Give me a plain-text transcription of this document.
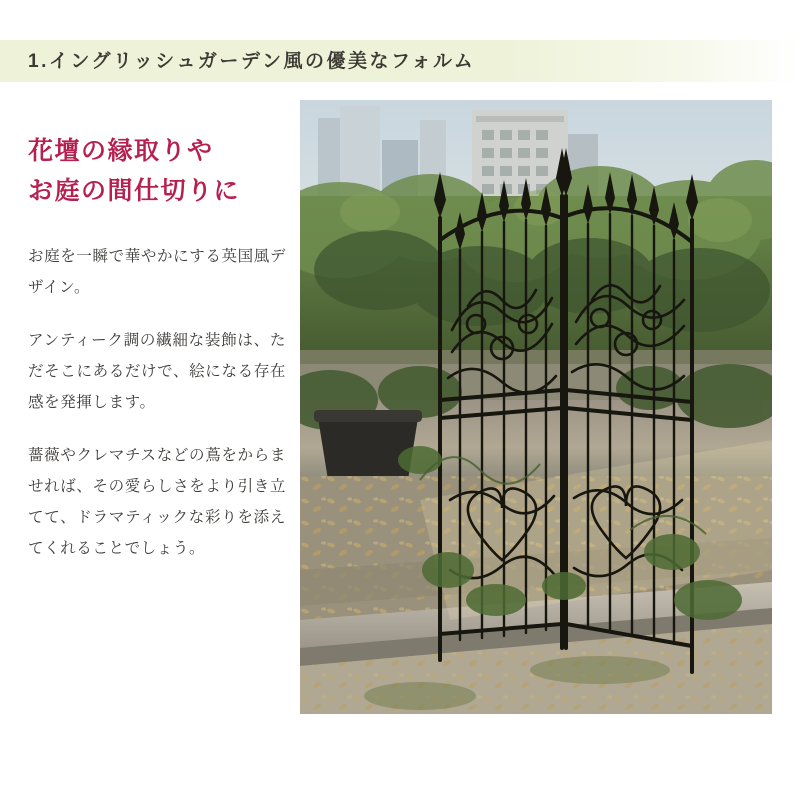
1.イングリッシュガーデン風の優美なフォルム
花壇の縁取りや
お庭の間仕切りに

お庭を一瞬で華やかにする英国風デザイン。

アンティーク調の繊細な装飾は、ただそこにあるだけで、絵になる存在感を発揮します。

薔薇やクレマチスなどの蔦をからませれば、その愛らしさをより引き立てて、ドラマティックな彩りを添えてくれることでしょう。
